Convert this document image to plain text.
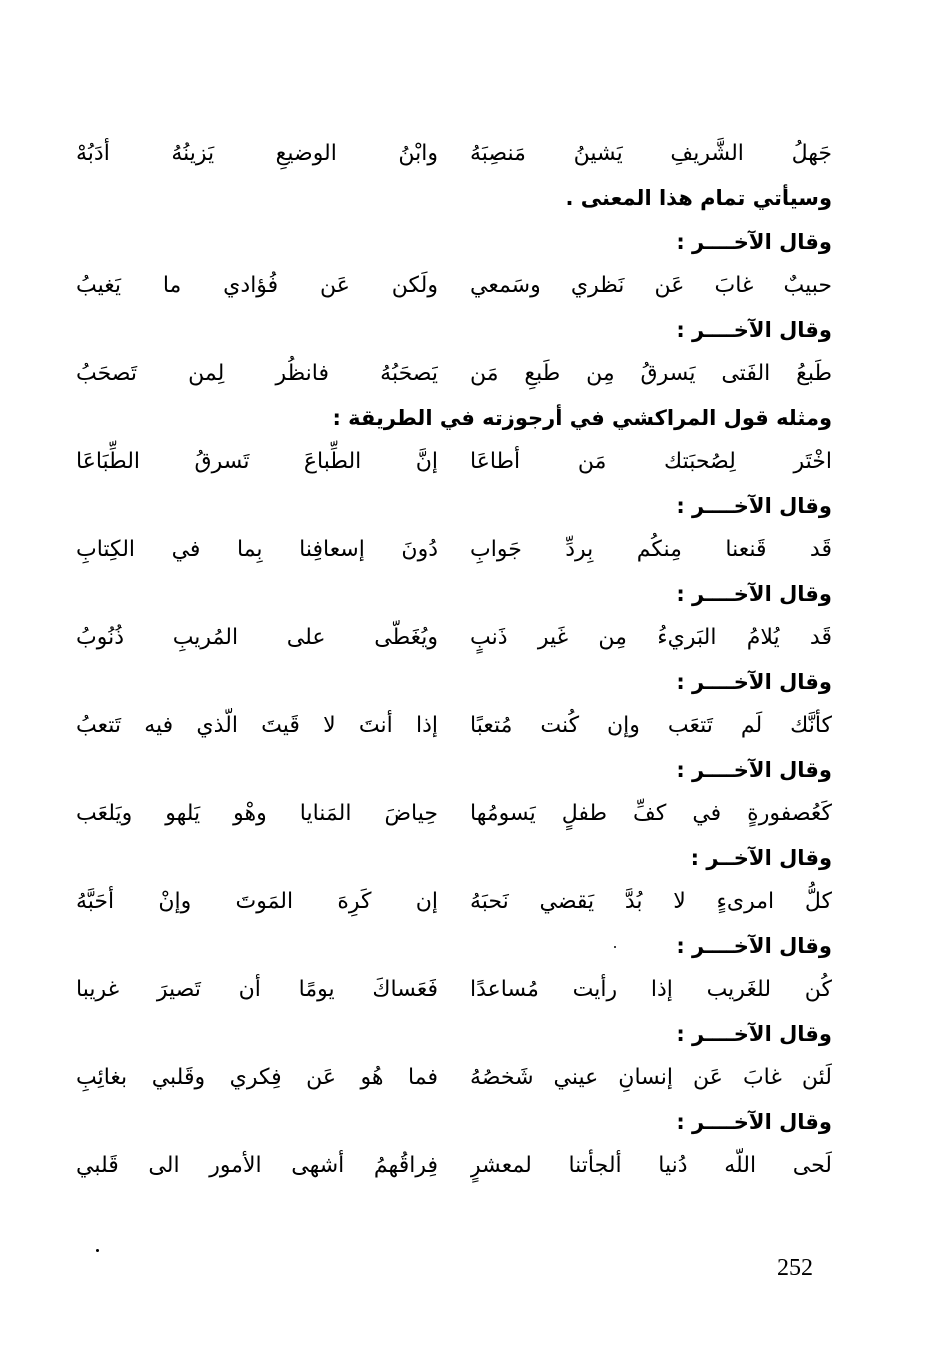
جَهلُ الشَّريفِ يَشينُ مَنصِبَهُ
وابْنُ الوضيعِ يَزينُهُ أدَبُهْ
وسيأتي تمام هذا المعنى .
وقال الآخــــر :
حبيبٌ غابَ عَن نَظري وسَمعي
ولَكن عَن فُؤادي ما يَغيبُ
وقال الآخــــر :
طَبعُ الفَتى يَسرقُ مِن طَبعِ مَن
يَصحَبُهُ فانظُر لِمن تَصحَبُ
ومثله قول المراكشي في أرجوزته في الطريقة :
اخْتَر لِصُحبَتك مَن أطاعَا
إنَّ الطِّباعَ تَسرقُ الطِّبَاعَا
وقال الآخــــر :
قَد قَنعنا مِنكُم بِردِّ جَوابِ
دُونَ إسعافِنا بِما في الكِتابِ
وقال الآخــــر :
قَد يُلامُ البَريءُ مِن غَير ذَنبٍ
ويُغَطّى على المُريبِ ذُنُوبُ
وقال الآخــــر :
كأنَّك لَم تَتعَب وإن كُنت مُتعبًا
إذا أنتَ لا قَيتَ الّذي فيه تَتعبُ
وقال الآخــــر :
كَعُصفورةٍ في كفِّ طفلٍ يَسومُها
حِياضَ المَنايا وهْو يَلهو ويَلعَب
وقال الآخــر :
كلُّ امرىءٍ لا بُدَّ يَقضي نَحبَهُ
إن كَرِهَ المَوتَ وإنْ أحَبَّهُ
وقال الآخــــر :
كُن للغَريب إذا رأيت مُساعدًا
فَعَساكَ يومًا أن تَصيرَ غريبا
وقال الآخــــر :
لَئن غابَ عَن إنسانِ عيني شَخصُهُ
فما هُو عَن فِكري وقَلبي بغائِبِ
وقال الآخــــر :
لَحى اللّه دُنيا ألجأتنا لمعشرٍ
فِراقُهمُ أشهى الأمور الى قَلبي
252
